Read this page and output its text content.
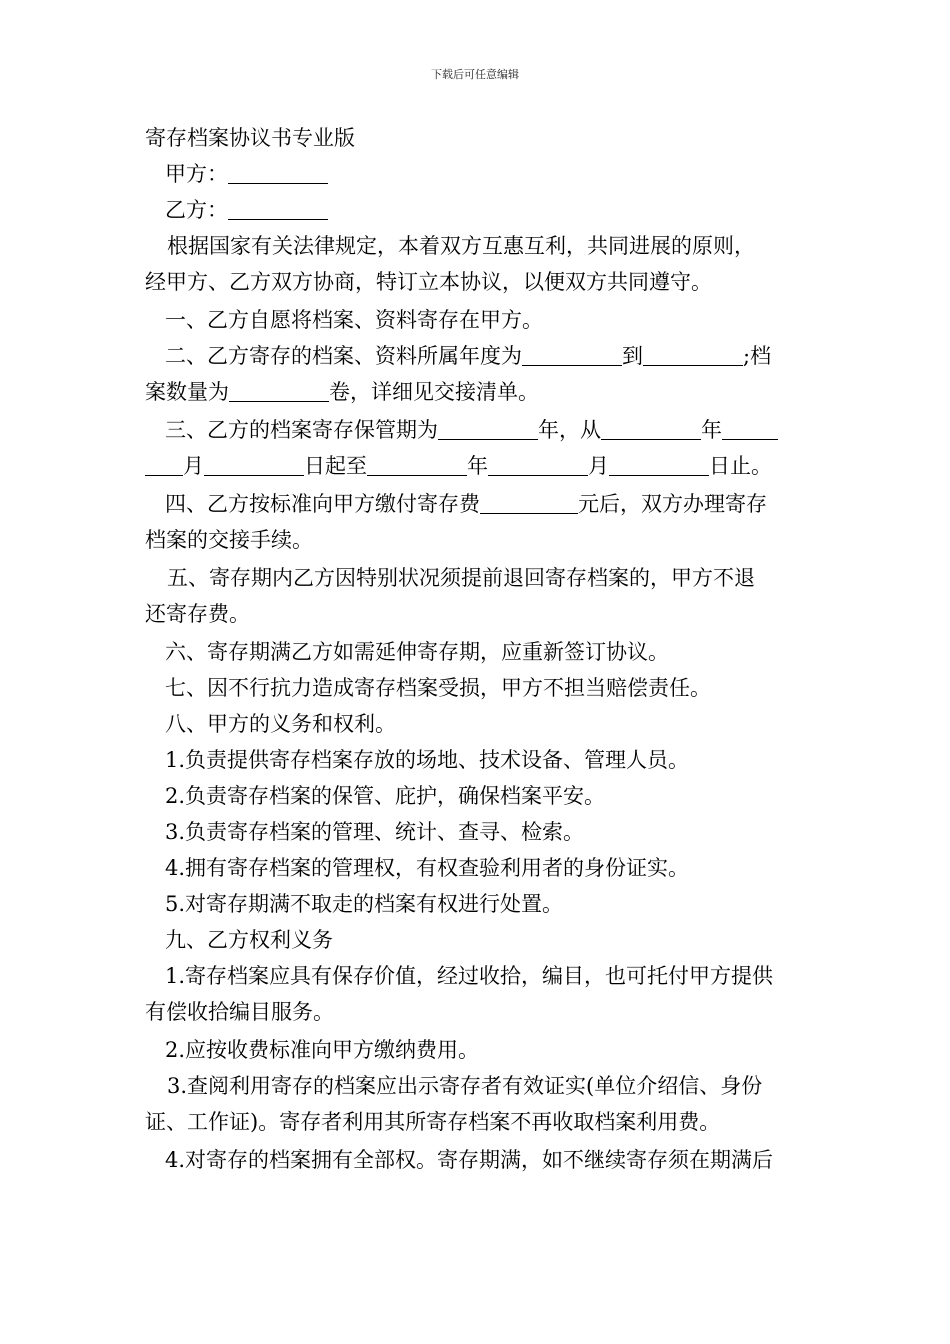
下载后可任意编辑
寄存档案协议书专业版
甲方：
乙方：
根据国家有关法律规定，本着双方互惠互利，共同进展的原则，
经甲方、乙方双方协商，特订立本协议，以便双方共同遵守。
一、乙方自愿将档案、资料寄存在甲方。
二、乙方寄存的档案、资料所属年度为	到	;档
案数量为	卷，详细见交接清单。
三、乙方的档案寄存保管期为	年，从	年
月	日起至	年	月	日止。
四、乙方按标准向甲方缴付寄存费	元后，双方办理寄存
档案的交接手续。
五、寄存期内乙方因特别状况须提前退回寄存档案的，甲方不退
还寄存费。
六、寄存期满乙方如需延伸寄存期，应重新签订协议。
七、因不行抗力造成寄存档案受损，甲方不担当赔偿责任。
八、甲方的义务和权利。
1.负责提供寄存档案存放的场地、技术设备、管理人员。
2.负责寄存档案的保管、庇护，确保档案平安。
3.负责寄存档案的管理、统计、查寻、检索。
4.拥有寄存档案的管理权，有权查验利用者的身份证实。
5.对寄存期满不取走的档案有权进行处置。
九、乙方权利义务
1.寄存档案应具有保存价值，经过收拾，编目，也可托付甲方提供
有偿收拾编目服务。
2.应按收费标准向甲方缴纳费用。
3.查阅利用寄存的档案应出示寄存者有效证实(单位介绍信、身份
证、工作证)。寄存者利用其所寄存档案不再收取档案利用费。
4.对寄存的档案拥有全部权。寄存期满，如不继续寄存须在期满后
